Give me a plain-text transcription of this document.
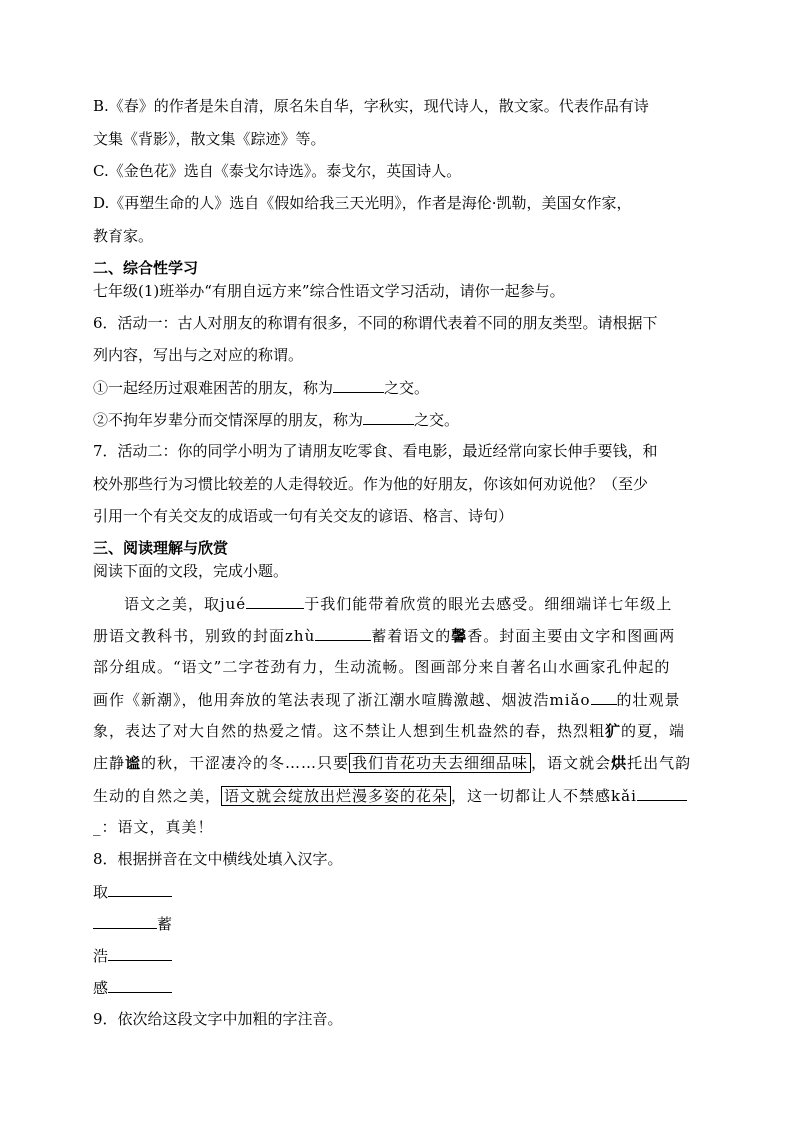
B.《春》的作者是朱自清，原名朱自华，字秋实，现代诗人，散文家。代表作品有诗
文集《背影》，散文集《踪迹》等。
C.《金色花》选自《泰戈尔诗选》。泰戈尔，英国诗人。
D.《再塑生命的人》选自《假如给我三天光明》，作者是海伦·凯勒，美国女作家，
教育家。
二、综合性学习
七年级(1)班举办“有朋自远方来”综合性语文学习活动，请你一起参与。
6．活动一：古人对朋友的称谓有很多，不同的称谓代表着不同的朋友类型。请根据下
列内容，写出与之对应的称谓。
①一起经历过艰难困苦的朋友，称为	之交。
②不拘年岁辈分而交情深厚的朋友，称为	之交。
7．活动二：你的同学小明为了请朋友吃零食、看电影，最近经常向家长伸手要钱，和
校外那些行为习惯比较差的人走得较近。作为他的好朋友，你该如何劝说他？（至少
引用一个有关交友的成语或一句有关交友的谚语、格言、诗句）
三、阅读理解与欣赏
阅读下面的文段，完成小题。
语文之美，取jué	于我们能带着欣赏的眼光去感受。细细端详七年级上
册语文教科书，别致的封面zhù	蓄着语文的馨香。封面主要由文字和图画两
部分组成。“语文”二字苍劲有力，生动流畅。图画部分来自著名山水画家孔仲起的
画作《新潮》，他用奔放的笔法表现了浙江潮水喧腾激越、烟波浩miǎo 的壮观景
象，表达了对大自然的热爱之情。这不禁让人想到生机盎然的春，热烈粗犷的夏，端
庄静谧的秋，干涩凄冷的冬……只要 我们肯花功夫去细细品味 ，语文就会烘托出气韵
生动的自然之美， 语文就会绽放出烂漫多姿的花朵 ，这一切都让人不禁感kǎi
_：语文，真美！
8．根据拼音在文中横线处填入汉字。
取
蓄
浩
感
9．依次给这段文字中加粗的字注音。
